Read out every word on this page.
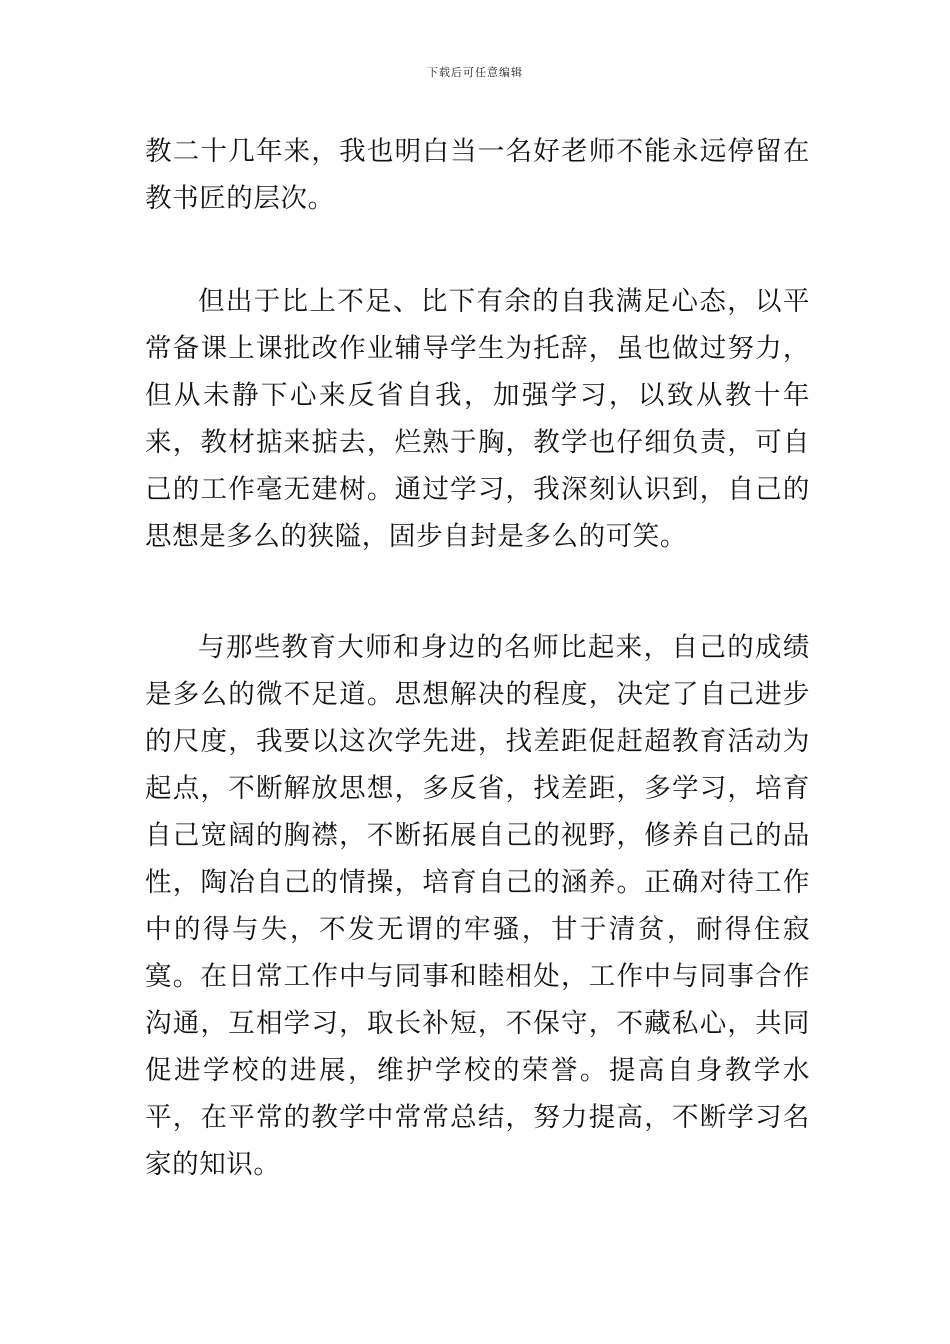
下载后可任意编辑

教二十几年来，我也明白当一名好老师不能永远停留在教书匠的层次。

但出于比上不足、比下有余的自我满足心态，以平常备课上课批改作业辅导学生为托辞，虽也做过努力，但从未静下心来反省自我，加强学习，以致从教十年来，教材掂来掂去，烂熟于胸，教学也仔细负责，可自己的工作毫无建树。通过学习，我深刻认识到，自己的思想是多么的狭隘，固步自封是多么的可笑。

与那些教育大师和身边的名师比起来，自己的成绩是多么的微不足道。思想解决的程度，决定了自己进步的尺度，我要以这次学先进，找差距促赶超教育活动为起点，不断解放思想，多反省，找差距，多学习，培育自己宽阔的胸襟，不断拓展自己的视野，修养自己的品性，陶冶自己的情操，培育自己的涵养。正确对待工作中的得与失，不发无谓的牢骚，甘于清贫，耐得住寂寞。在日常工作中与同事和睦相处，工作中与同事合作沟通，互相学习，取长补短，不保守，不藏私心，共同促进学校的进展，维护学校的荣誉。提高自身教学水平，在平常的教学中常常总结，努力提高，不断学习名家的知识。
